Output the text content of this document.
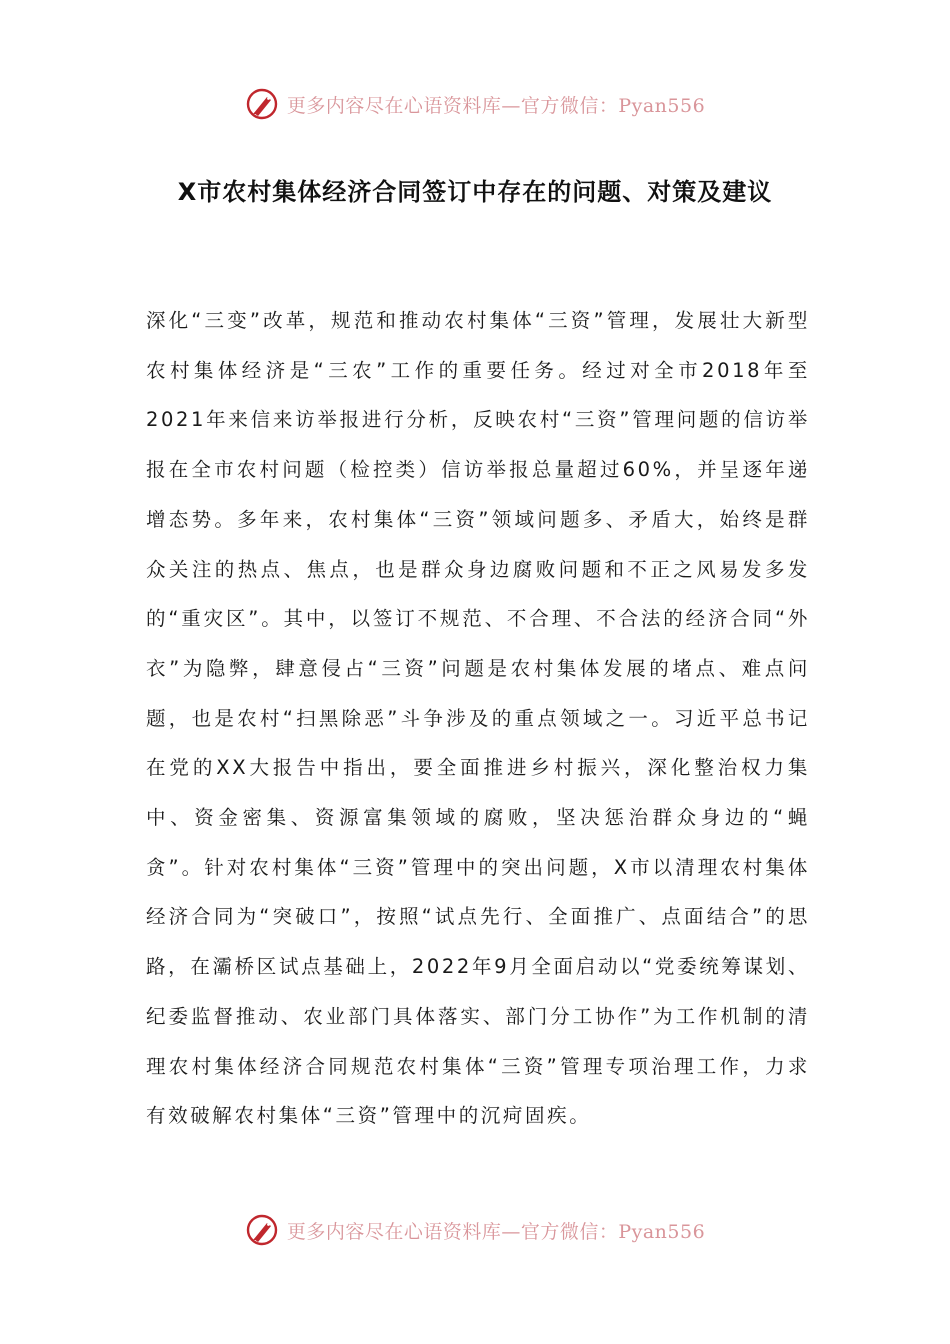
更多内容尽在心语资料库—官方微信：Pyan556
X市农村集体经济合同签订中存在的问题、对策及建议

深化“三变”改革，规范和推动农村集体“三资”管理，发展壮大新型农村集体经济是“三农”工作的重要任务。经过对全市2018年至2021年来信来访举报进行分析，反映农村“三资”管理问题的信访举报在全市农村问题（检控类）信访举报总量超过60%，并呈逐年递增态势。多年来，农村集体“三资”领域问题多、矛盾大，始终是群众关注的热点、焦点，也是群众身边腐败问题和不正之风易发多发的“重灾区”。其中，以签订不规范、不合理、不合法的经济合同“外衣”为隐弊，肆意侵占“三资”问题是农村集体发展的堵点、难点问题，也是农村“扫黑除恶”斗争涉及的重点领域之一。习近平总书记在党的XX大报告中指出，要全面推进乡村振兴，深化整治权力集中、资金密集、资源富集领域的腐败，坚决惩治群众身边的“蝇贪”。针对农村集体“三资”管理中的突出问题，X市以清理农村集体经济合同为“突破口”，按照“试点先行、全面推广、点面结合”的思路，在灞桥区试点基础上，2022年9月全面启动以“党委统筹谋划、纪委监督推动、农业部门具体落实、部门分工协作”为工作机制的清理农村集体经济合同规范农村集体“三资”管理专项治理工作，力求有效破解农村集体“三资”管理中的沉疴固疾。

更多内容尽在心语资料库—官方微信：Pyan556
